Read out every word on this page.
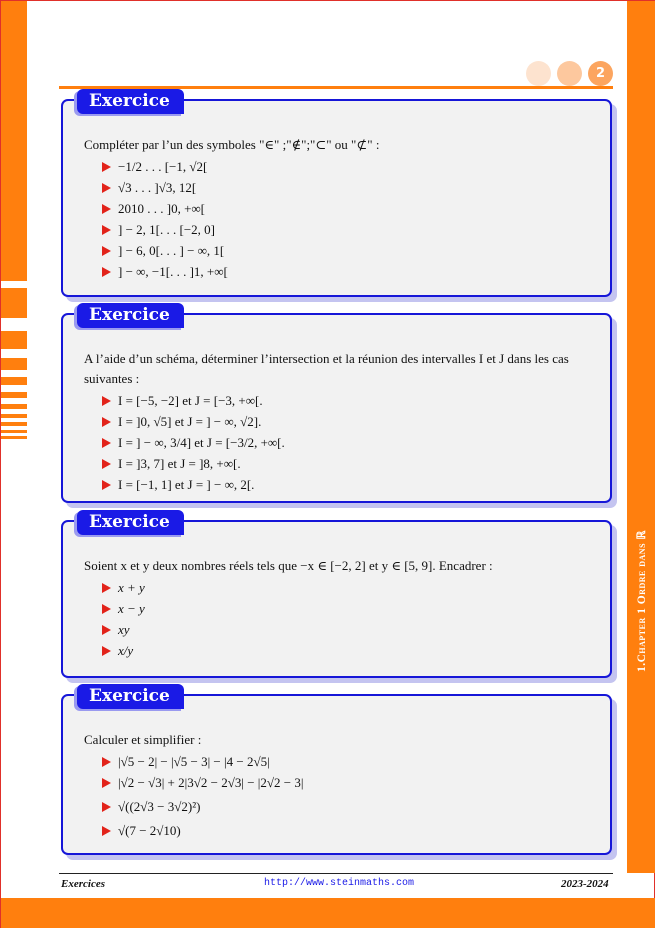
1.Chapter 1 Ordre dans ℝ
2
Exercice
Compléter par l’un des symboles "∈" ;"∉";"⊂" ou "⊄" :
−1/2 . . . [−1, √2[
√3 . . . ]√3, 12[
2010 . . . ]0, +∞[
] − 2, 1[. . . [−2, 0]
] − 6, 0[. . . ] − ∞, 1[
] − ∞, −1[. . . ]1, +∞[
Exercice
A l’aide d’un schéma, déterminer l’intersection et la réunion des intervalles I et J dans les cas suivantes :
I = [−5, −2] et J = [−3, +∞[.
I = ]0, √5] et J = ] − ∞, √2].
I = ] − ∞, 3/4] et J = [−3/2, +∞[.
I = ]3, 7] et J = ]8, +∞[.
I = [−1, 1] et J = ] − ∞, 2[.
Exercice
Soient x et y deux nombres réels tels que −x ∈ [−2, 2] et y ∈ [5, 9]. Encadrer :
x + y
x − y
xy
x/y
Exercice
Calculer et simplifier :
|√5 − 2| − |√5 − 3| − |4 − 2√5|
|√2 − √3| + 2|3√2 − 2√3| − |2√2 − 3|
√((2√3 − 3√2)²)
√(7 − 2√10)
Exercices	http://www.steinmaths.com	2023-2024
